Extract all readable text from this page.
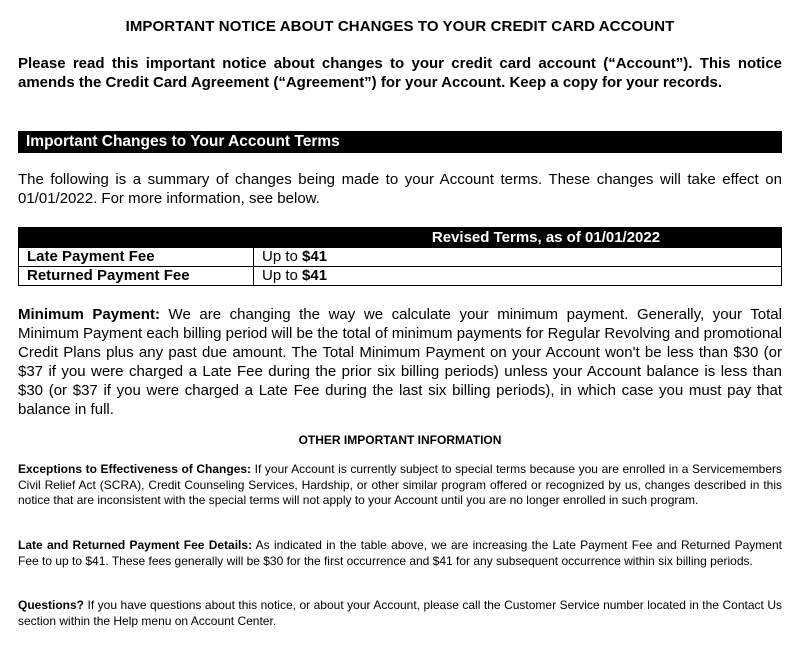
IMPORTANT NOTICE ABOUT CHANGES TO YOUR CREDIT CARD ACCOUNT
Please read this important notice about changes to your credit card account (“Account”). This notice amends the Credit Card Agreement (“Agreement”) for your Account. Keep a copy for your records.
Important Changes to Your Account Terms
The following is a summary of changes being made to your Account terms. These changes will take effect on 01/01/2022. For more information, see below.
Revised Terms, as of 01/01/2022	
Late Payment Fee	Up to $41
Returned Payment Fee	Up to $41
Minimum Payment: We are changing the way we calculate your minimum payment. Generally, your Total Minimum Payment each billing period will be the total of minimum payments for Regular Revolving and promotional Credit Plans plus any past due amount. The Total Minimum Payment on your Account won't be less than $30 (or $37 if you were charged a Late Fee during the prior six billing periods) unless your Account balance is less than $30 (or $37 if you were charged a Late Fee during the last six billing periods), in which case you must pay that balance in full.
OTHER IMPORTANT INFORMATION
Exceptions to Effectiveness of Changes: If your Account is currently subject to special terms because you are enrolled in a Servicemembers Civil Relief Act (SCRA), Credit Counseling Services, Hardship, or other similar program offered or recognized by us, changes described in this notice that are inconsistent with the special terms will not apply to your Account until you are no longer enrolled in such program.
Late and Returned Payment Fee Details: As indicated in the table above, we are increasing the Late Payment Fee and Returned Payment Fee to up to $41. These fees generally will be $30 for the first occurrence and $41 for any subsequent occurrence within six billing periods.
Questions? If you have questions about this notice, or about your Account, please call the Customer Service number located in the Contact Us section within the Help menu on Account Center.
